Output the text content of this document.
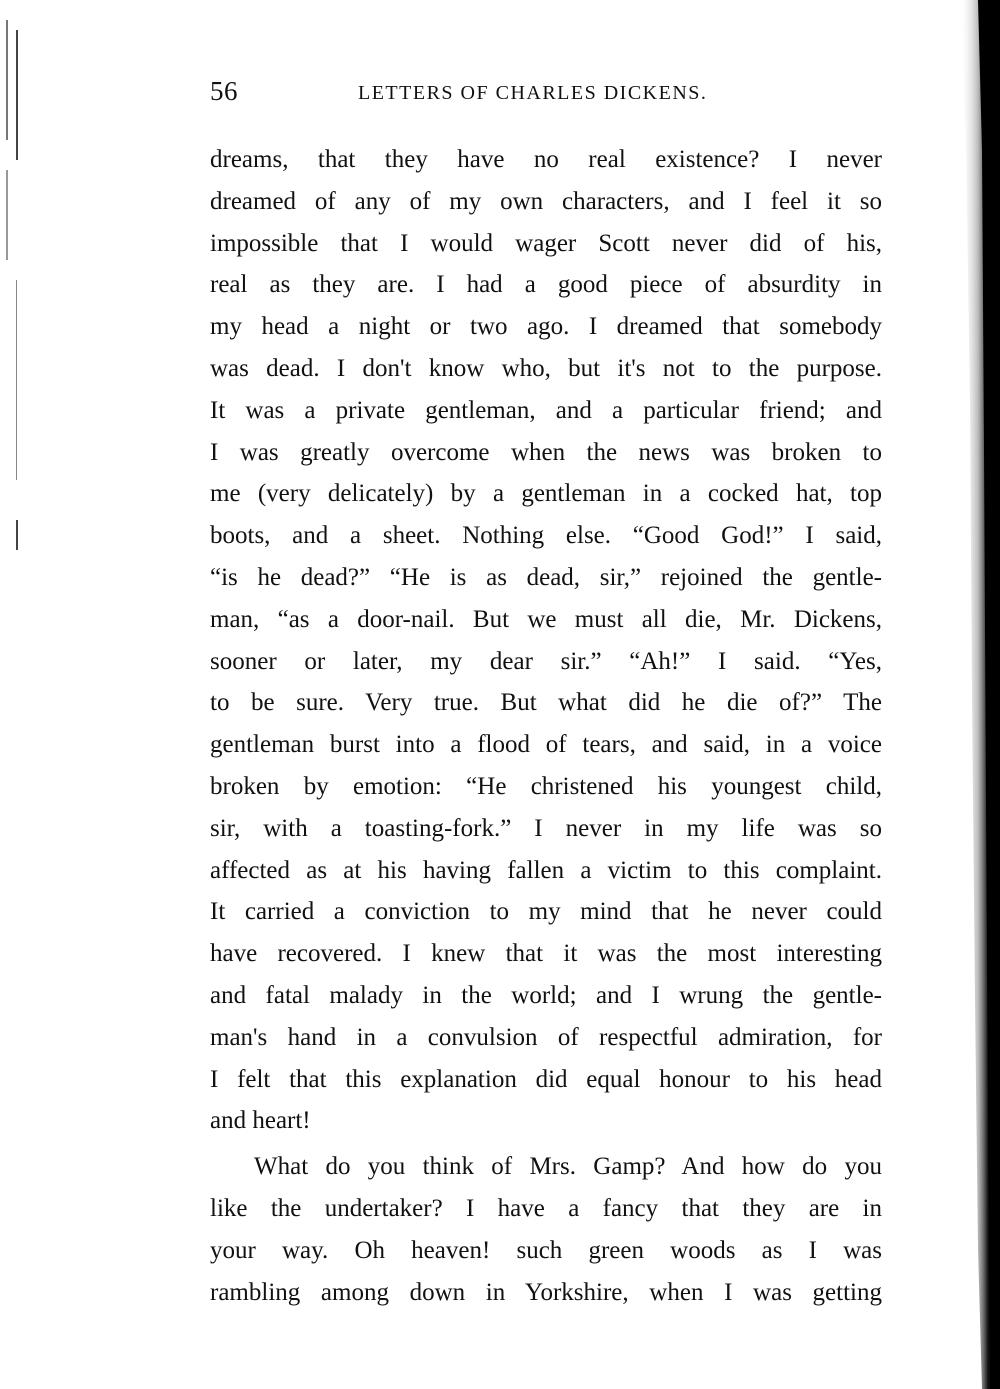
56	LETTERS OF CHARLES DICKENS.
dreams, that they have no real existence? I never
dreamed of any of my own characters, and I feel it so
impossible that I would wager Scott never did of his,
real as they are. I had a good piece of absurdity in
my head a night or two ago. I dreamed that somebody
was dead. I don't know who, but it's not to the purpose.
It was a private gentleman, and a particular friend; and
I was greatly overcome when the news was broken to
me (very delicately) by a gentleman in a cocked hat, top
boots, and a sheet. Nothing else. “Good God!” I said,
“is he dead?” “He is as dead, sir,” rejoined the gentle-
man, “as a door-nail. But we must all die, Mr. Dickens,
sooner or later, my dear sir.” “Ah!” I said. “Yes,
to be sure. Very true. But what did he die of?” The
gentleman burst into a flood of tears, and said, in a voice
broken by emotion: “He christened his youngest child,
sir, with a toasting-fork.” I never in my life was so
affected as at his having fallen a victim to this complaint.
It carried a conviction to my mind that he never could
have recovered. I knew that it was the most interesting
and fatal malady in the world; and I wrung the gentle-
man's hand in a convulsion of respectful admiration, for
I felt that this explanation did equal honour to his head
and heart!
What do you think of Mrs. Gamp? And how do you
like the undertaker? I have a fancy that they are in
your way. Oh heaven! such green woods as I was
rambling among down in Yorkshire, when I was getting
